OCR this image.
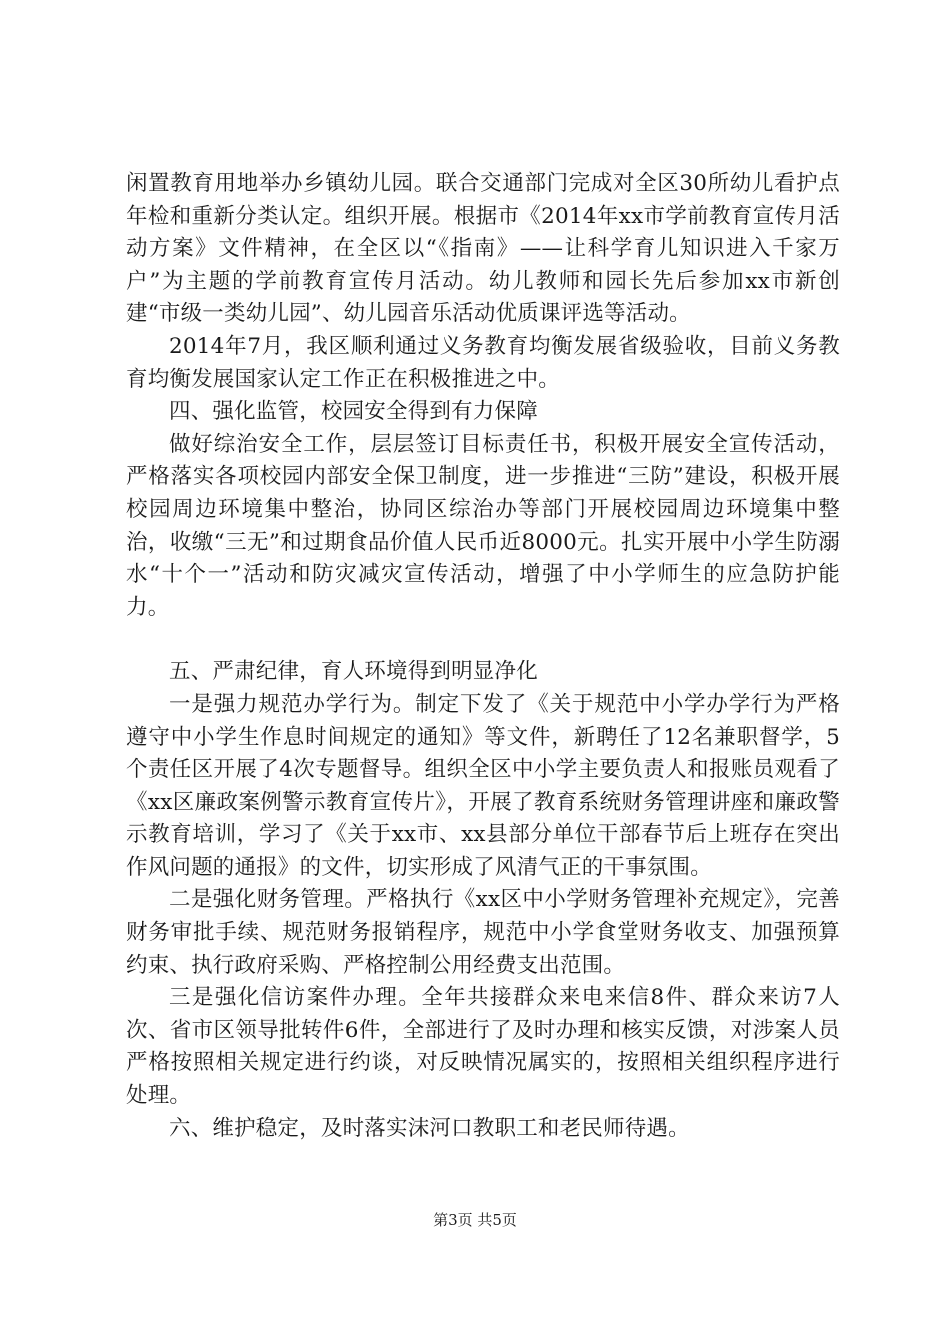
闲置教育用地举办乡镇幼儿园。联合交通部门完成对全区30所幼儿看护点年检和重新分类认定。组织开展。根据市《2014年xx市学前教育宣传月活动方案》文件精神，在全区以“《指南》——让科学育儿知识进入千家万户”为主题的学前教育宣传月活动。幼儿教师和园长先后参加xx市新创建“市级一类幼儿园”、幼儿园音乐活动优质课评选等活动。

2014年7月，我区顺利通过义务教育均衡发展省级验收，目前义务教育均衡发展国家认定工作正在积极推进之中。

四、强化监管，校园安全得到有力保障

做好综治安全工作，层层签订目标责任书，积极开展安全宣传活动，严格落实各项校园内部安全保卫制度，进一步推进“三防”建设，积极开展校园周边环境集中整治，协同区综治办等部门开展校园周边环境集中整治，收缴“三无”和过期食品价值人民币近8000元。扎实开展中小学生防溺水“十个一”活动和防灾减灾宣传活动，增强了中小学师生的应急防护能力。

五、严肃纪律，育人环境得到明显净化

一是强力规范办学行为。制定下发了《关于规范中小学办学行为严格遵守中小学生作息时间规定的通知》等文件，新聘任了12名兼职督学，5个责任区开展了4次专题督导。组织全区中小学主要负责人和报账员观看了《xx区廉政案例警示教育宣传片》，开展了教育系统财务管理讲座和廉政警示教育培训，学习了《关于xx市、xx县部分单位干部春节后上班存在突出作风问题的通报》的文件，切实形成了风清气正的干事氛围。

二是强化财务管理。严格执行《xx区中小学财务管理补充规定》，完善财务审批手续、规范财务报销程序，规范中小学食堂财务收支、加强预算约束、执行政府采购、严格控制公用经费支出范围。

三是强化信访案件办理。全年共接群众来电来信8件、群众来访7人次、省市区领导批转件6件，全部进行了及时办理和核实反馈，对涉案人员严格按照相关规定进行约谈，对反映情况属实的，按照相关组织程序进行处理。

六、维护稳定，及时落实沫河口教职工和老民师待遇。

第3页 共5页
